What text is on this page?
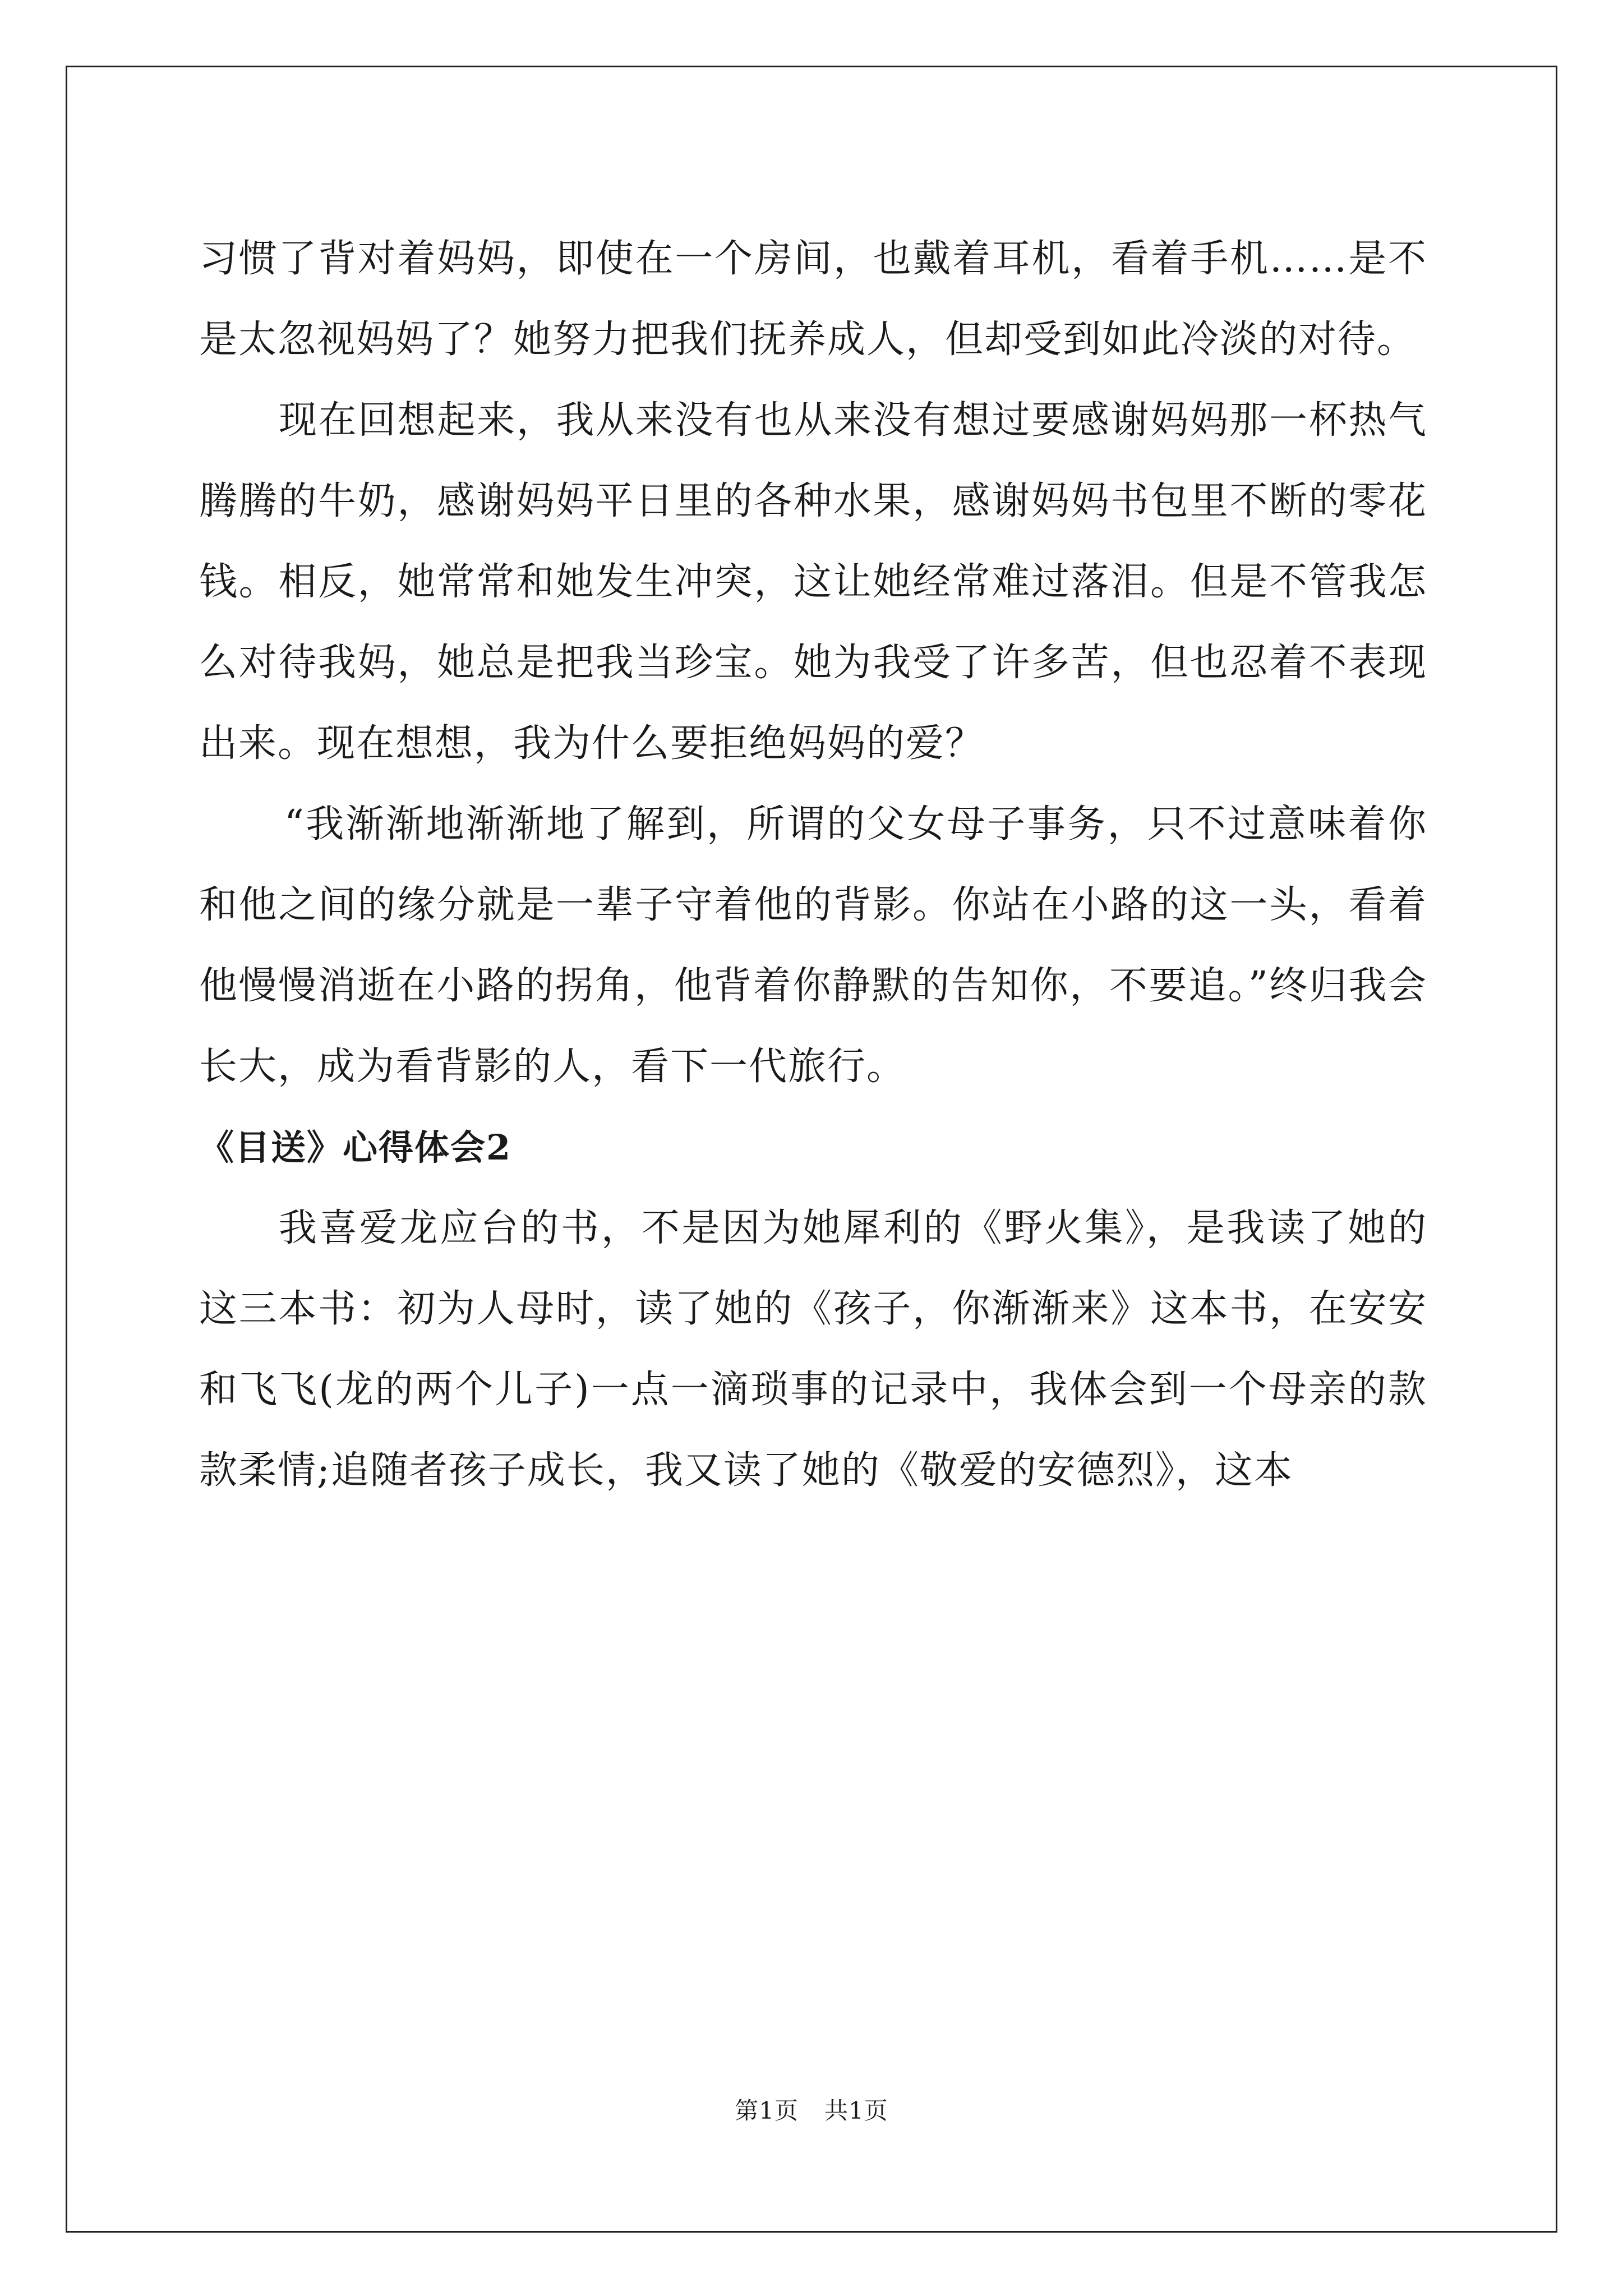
习惯了背对着妈妈，即使在一个房间，也戴着耳机，看着手机……是不是太忽视妈妈了？她努力把我们抚养成人，但却受到如此冷淡的对待。

现在回想起来，我从来没有也从来没有想过要感谢妈妈那一杯热气腾腾的牛奶，感谢妈妈平日里的各种水果，感谢妈妈书包里不断的零花钱。相反，她常常和她发生冲突，这让她经常难过落泪。但是不管我怎么对待我妈，她总是把我当珍宝。她为我受了许多苦，但也忍着不表现出来。现在想想，我为什么要拒绝妈妈的爱？

“我渐渐地渐渐地了解到，所谓的父女母子事务，只不过意味着你和他之间的缘分就是一辈子守着他的背影。你站在小路的这一头，看着他慢慢消逝在小路的拐角，他背着你静默的告知你，不要追。”终归我会长大，成为看背影的人，看下一代旅行。

《目送》心得体会2

我喜爱龙应台的书，不是因为她犀利的《野火集》，是我读了她的这三本书：初为人母时，读了她的《孩子，你渐渐来》这本书，在安安和飞飞(龙的两个儿子)一点一滴琐事的记录中，我体会到一个母亲的款款柔情;追随者孩子成长，我又读了她的《敬爱的安德烈》，这本

第1页 共1页
